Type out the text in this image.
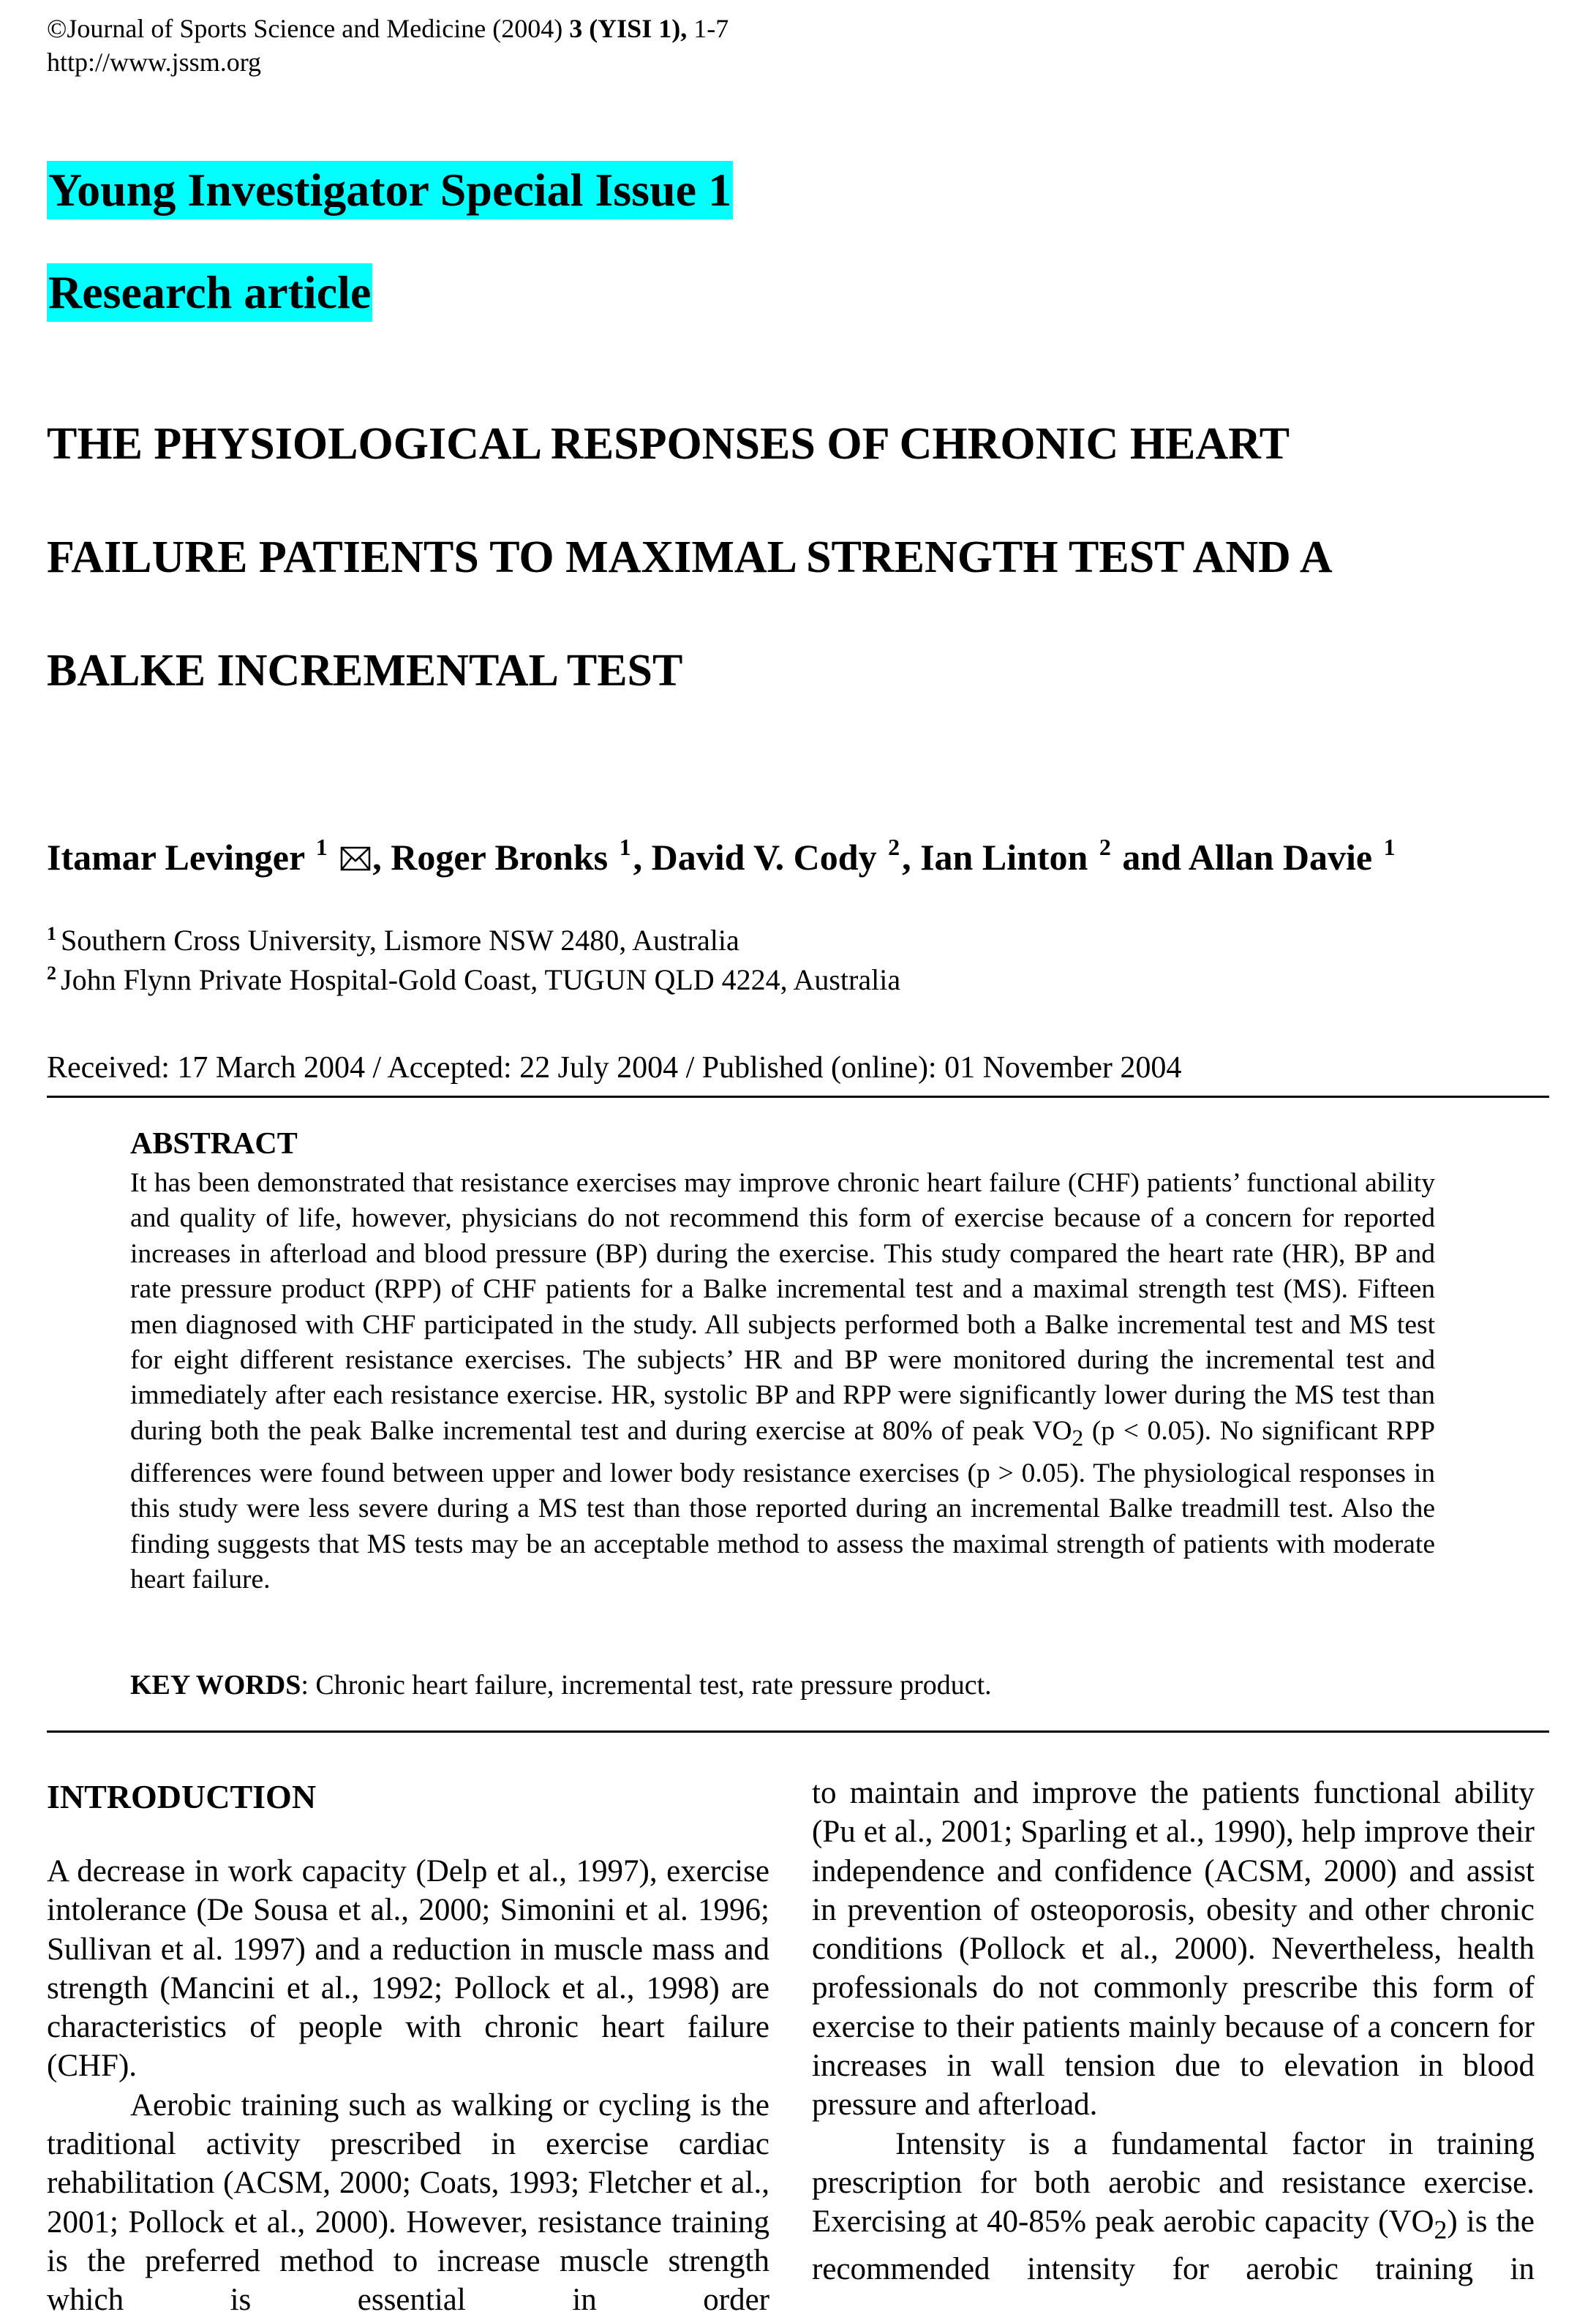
©Journal of Sports Science and Medicine (2004) 3 (YISI 1), 1-7
http://www.jssm.org
Young Investigator Special Issue 1
Research article
THE PHYSIOLOGICAL RESPONSES OF CHRONIC HEART
FAILURE PATIENTS TO MAXIMAL STRENGTH TEST AND A
BALKE INCREMENTAL TEST
Itamar Levinger $^1$ , Roger Bronks $^1$, David V. Cody $^2$, Ian Linton $^2$ and Allan Davie $^1$
$^1$ Southern Cross University, Lismore NSW 2480, Australia
$^2$ John Flynn Private Hospital-Gold Coast, TUGUN QLD 4224, Australia
Received: 17 March 2004 / Accepted: 22 July 2004 / Published (online): 01 November 2004
ABSTRACT
It has been demonstrated that resistance exercises may improve chronic heart failure (CHF) patients’ functional ability and quality of life, however, physicians do not recommend this form of exercise because of a concern for reported increases in afterload and blood pressure (BP) during the exercise. This study compared the heart rate (HR), BP and rate pressure product (RPP) of CHF patients for a Balke incremental test and a maximal strength test (MS). Fifteen men diagnosed with CHF participated in the study. All subjects performed both a Balke incremental test and MS test for eight different resistance exercises. The subjects’ HR and BP were monitored during the incremental test and immediately after each resistance exercise. HR, systolic BP and RPP were significantly lower during the MS test than during both the peak Balke incremental test and during exercise at 80% of peak $VO_2$ (p < 0.05). No significant RPP differences were found between upper and lower body resistance exercises (p > 0.05). The physiological responses in this study were less severe during a MS test than those reported during an incremental Balke treadmill test. Also the finding suggests that MS tests may be an acceptable method to assess the maximal strength of patients with moderate heart failure.
KEY WORDS: Chronic heart failure, incremental test, rate pressure product.
INTRODUCTION

A decrease in work capacity (Delp et al., 1997), exercise intolerance (De Sousa et al., 2000; Simonini et al. 1996; Sullivan et al. 1997) and a reduction in muscle mass and strength (Mancini et al., 1992; Pollock et al., 1998) are characteristics of people with chronic heart failure (CHF).

Aerobic training such as walking or cycling is the traditional activity prescribed in exercise cardiac rehabilitation (ACSM, 2000; Coats, 1993; Fletcher et al., 2001; Pollock et al., 2000). However, resistance training is the preferred method to increase muscle strength which is essential in order

to maintain and improve the patients functional ability (Pu et al., 2001; Sparling et al., 1990), help improve their independence and confidence (ACSM, 2000) and assist in prevention of osteoporosis, obesity and other chronic conditions (Pollock et al., 2000). Nevertheless, health professionals do not commonly prescribe this form of exercise to their patients mainly because of a concern for increases in wall tension due to elevation in blood pressure and afterload.

Intensity is a fundamental factor in training prescription for both aerobic and resistance exercise. Exercising at 40-85% peak aerobic capacity $(VO_2)$ is the recommended intensity for aerobic training in
